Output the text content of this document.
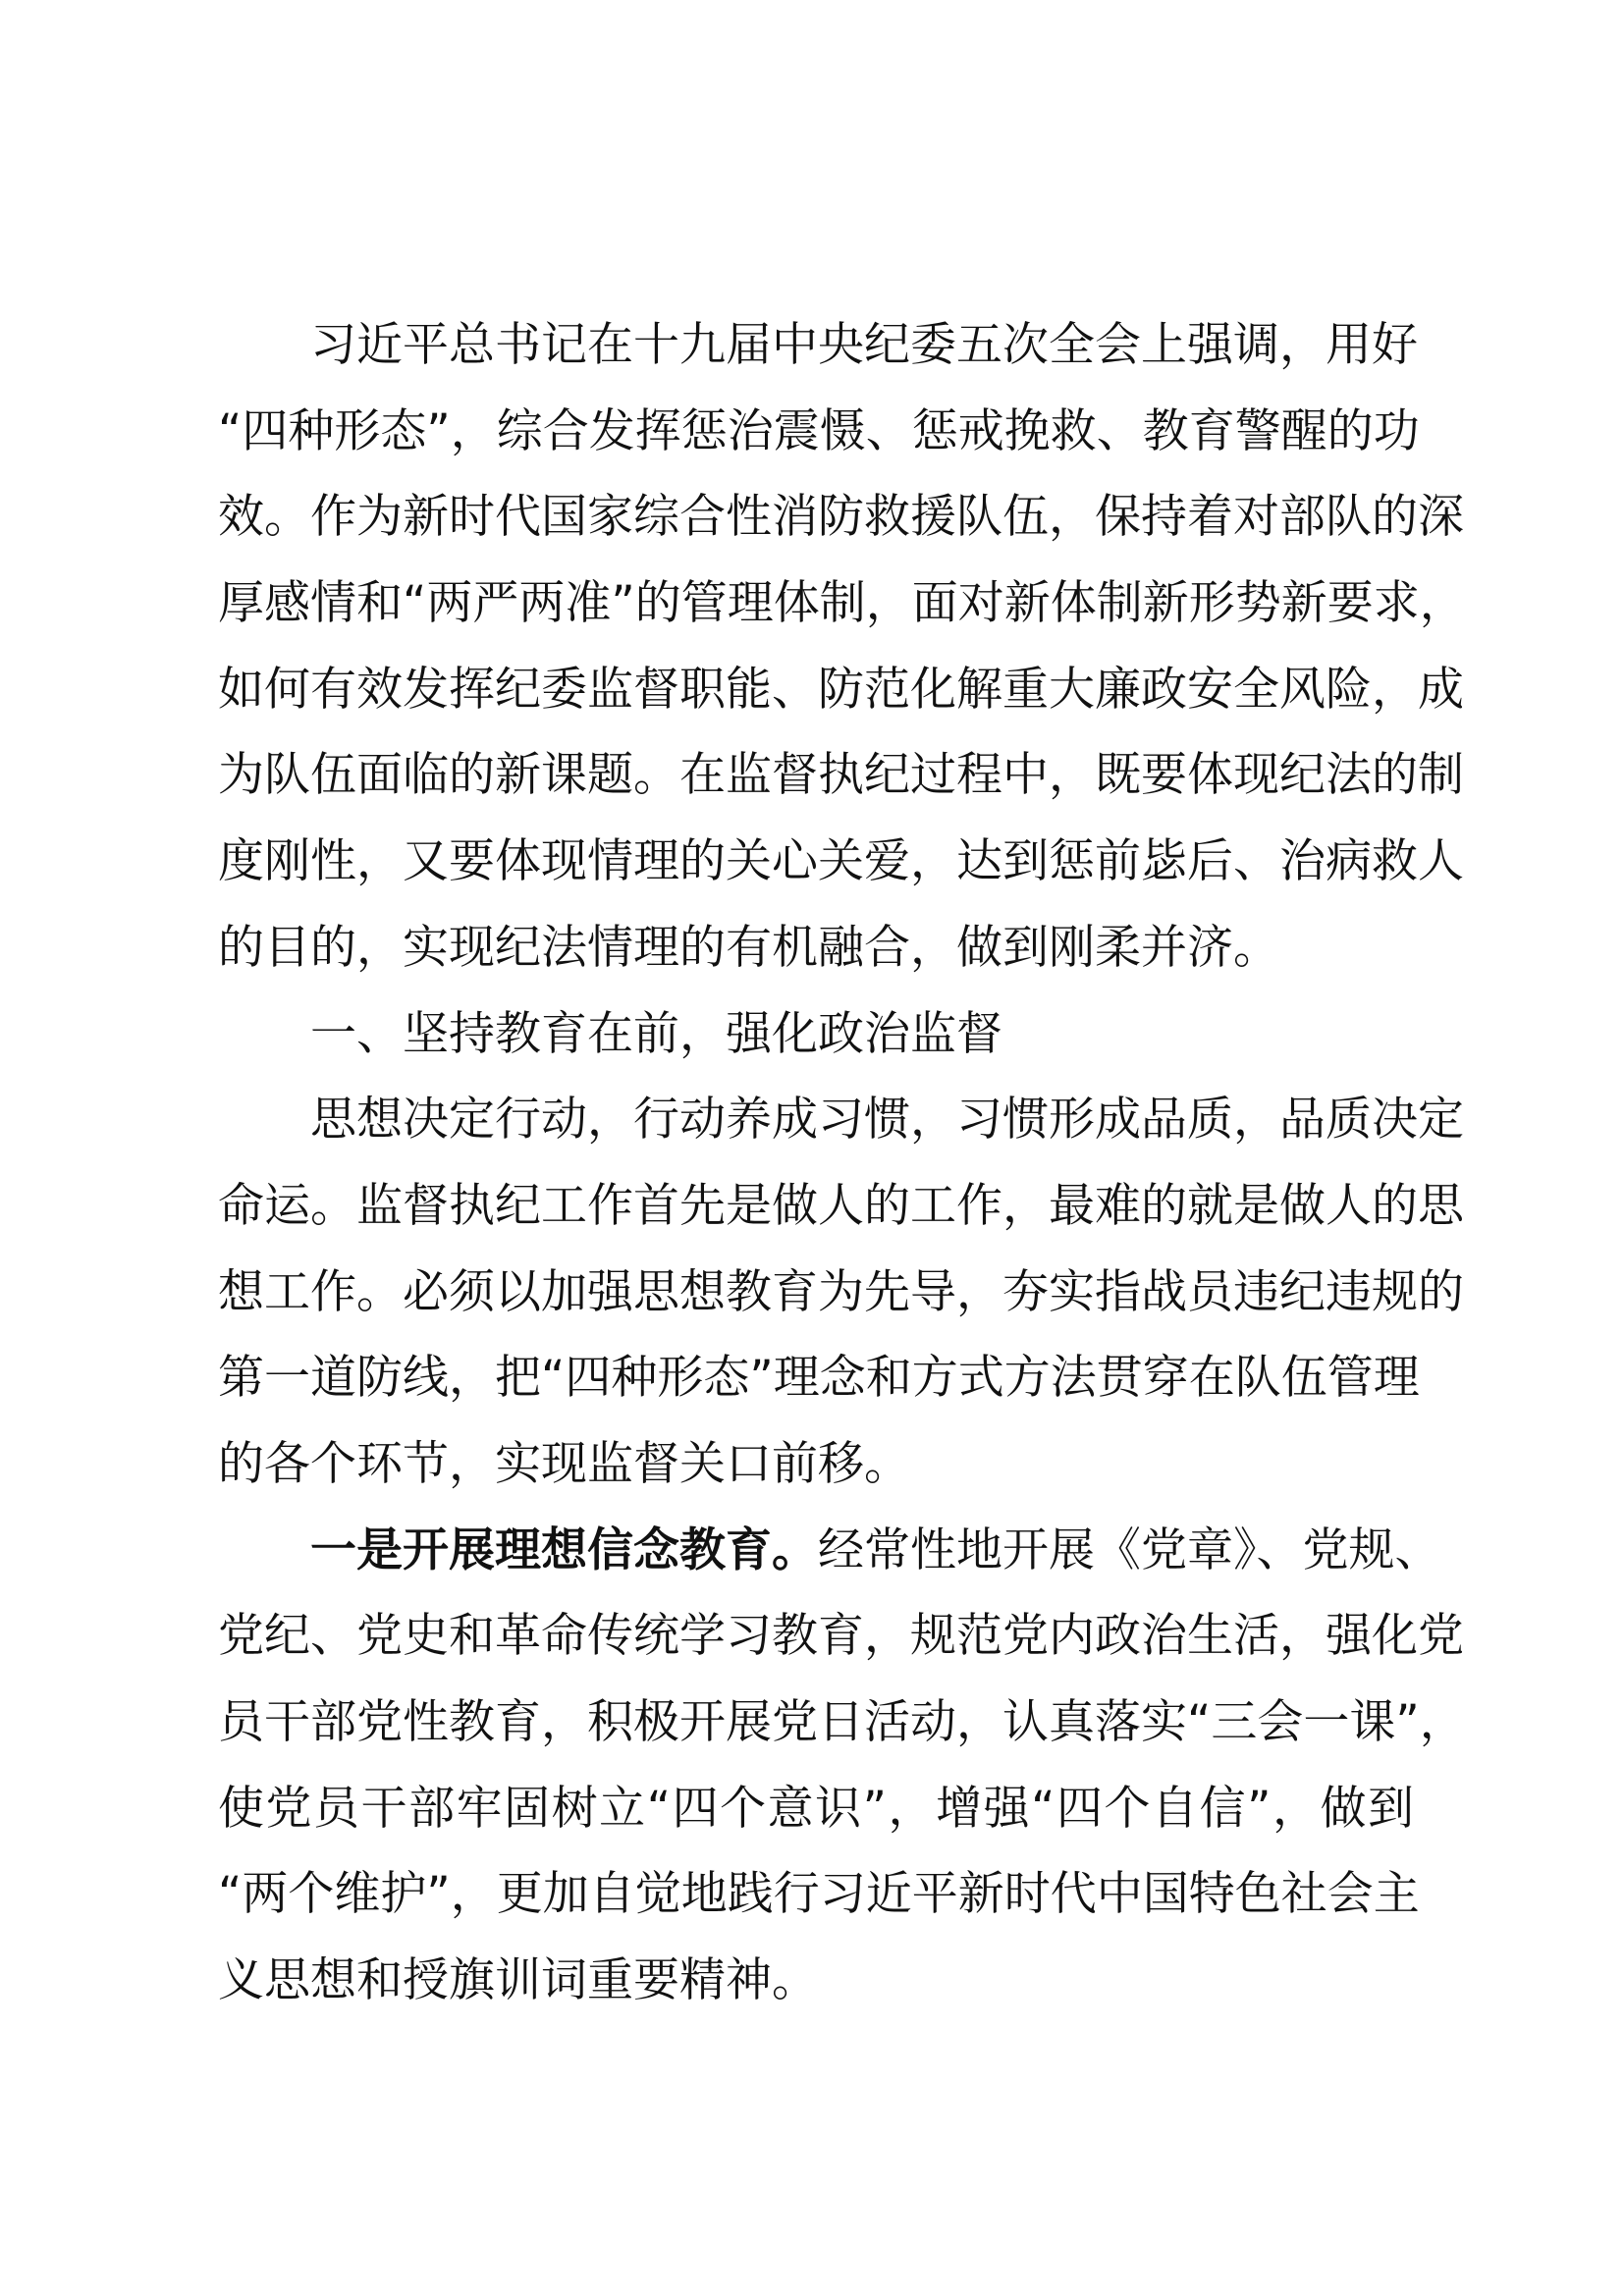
习近平总书记在十九届中央纪委五次全会上强调，用好
“四种形态”，综合发挥惩治震慑、惩戒挽救、教育警醒的功
效。作为新时代国家综合性消防救援队伍，保持着对部队的深
厚感情和“两严两准”的管理体制，面对新体制新形势新要求，
如何有效发挥纪委监督职能、防范化解重大廉政安全风险，成
为队伍面临的新课题。在监督执纪过程中，既要体现纪法的制
度刚性，又要体现情理的关心关爱，达到惩前毖后、治病救人
的目的，实现纪法情理的有机融合，做到刚柔并济。
一、坚持教育在前，强化政治监督
思想决定行动，行动养成习惯，习惯形成品质，品质决定
命运。监督执纪工作首先是做人的工作，最难的就是做人的思
想工作。必须以加强思想教育为先导，夯实指战员违纪违规的
第一道防线，把“四种形态”理念和方式方法贯穿在队伍管理
的各个环节，实现监督关口前移。
一是开展理想信念教育。经常性地开展《党章》、党规、
党纪、党史和革命传统学习教育，规范党内政治生活，强化党
员干部党性教育，积极开展党日活动，认真落实“三会一课”，
使党员干部牢固树立“四个意识”，增强“四个自信”，做到
“两个维护”，更加自觉地践行习近平新时代中国特色社会主
义思想和授旗训词重要精神。
